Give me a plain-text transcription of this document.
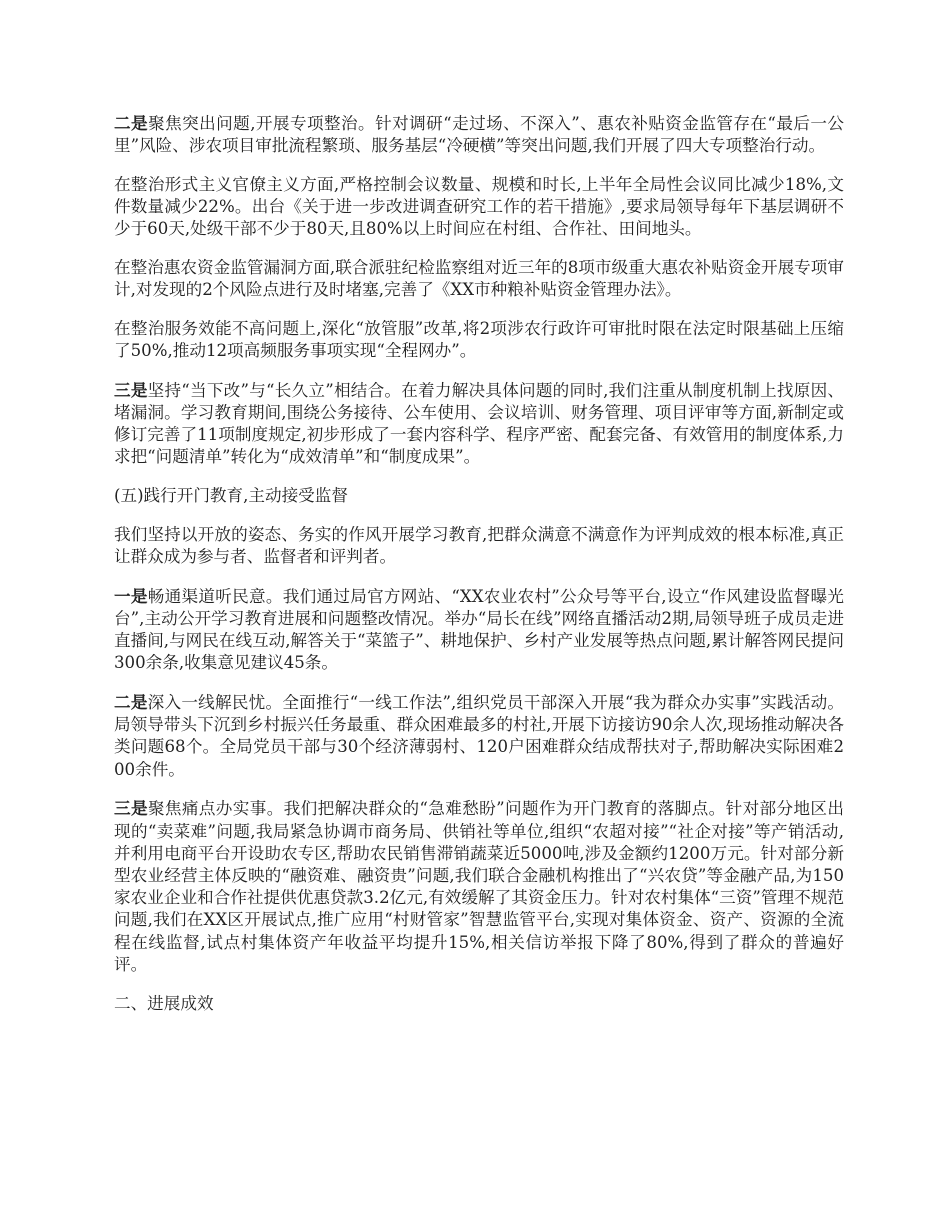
二是聚焦突出问题,开展专项整治。针对调研“走过场、不深入”、惠农补贴资金监管存在“最后一公里”风险、涉农项目审批流程繁琐、服务基层“冷硬横”等突出问题,我们开展了四大专项整治行动。

在整治形式主义官僚主义方面,严格控制会议数量、规模和时长,上半年全局性会议同比减少18%,文件数量减少22%。出台《关于进一步改进调查研究工作的若干措施》,要求局领导每年下基层调研不少于60天,处级干部不少于80天,且80%以上时间应在村组、合作社、田间地头。

在整治惠农资金监管漏洞方面,联合派驻纪检监察组对近三年的8项市级重大惠农补贴资金开展专项审计,对发现的2个风险点进行及时堵塞,完善了《XX市种粮补贴资金管理办法》。

在整治服务效能不高问题上,深化“放管服”改革,将2项涉农行政许可审批时限在法定时限基础上压缩了50%,推动12项高频服务事项实现“全程网办”。

三是坚持“当下改”与“长久立”相结合。在着力解决具体问题的同时,我们注重从制度机制上找原因、堵漏洞。学习教育期间,围绕公务接待、公车使用、会议培训、财务管理、项目评审等方面,新制定或修订完善了11项制度规定,初步形成了一套内容科学、程序严密、配套完备、有效管用的制度体系,力求把“问题清单”转化为“成效清单”和“制度成果”。

(五)践行开门教育,主动接受监督

我们坚持以开放的姿态、务实的作风开展学习教育,把群众满意不满意作为评判成效的根本标准,真正让群众成为参与者、监督者和评判者。

一是畅通渠道听民意。我们通过局官方网站、“XX农业农村”公众号等平台,设立“作风建设监督曝光台”,主动公开学习教育进展和问题整改情况。举办“局长在线”网络直播活动2期,局领导班子成员走进直播间,与网民在线互动,解答关于“菜篮子”、耕地保护、乡村产业发展等热点问题,累计解答网民提问300余条,收集意见建议45条。

二是深入一线解民忧。全面推行“一线工作法”,组织党员干部深入开展“我为群众办实事”实践活动。局领导带头下沉到乡村振兴任务最重、群众困难最多的村社,开展下访接访90余人次,现场推动解决各类问题68个。全局党员干部与30个经济薄弱村、120户困难群众结成帮扶对子,帮助解决实际困难200余件。

三是聚焦痛点办实事。我们把解决群众的“急难愁盼”问题作为开门教育的落脚点。针对部分地区出现的“卖菜难”问题,我局紧急协调市商务局、供销社等单位,组织“农超对接”“社企对接”等产销活动,并利用电商平台开设助农专区,帮助农民销售滞销蔬菜近5000吨,涉及金额约1200万元。针对部分新型农业经营主体反映的“融资难、融资贵”问题,我们联合金融机构推出了“兴农贷”等金融产品,为150家农业企业和合作社提供优惠贷款3.2亿元,有效缓解了其资金压力。针对农村集体“三资”管理不规范问题,我们在XX区开展试点,推广应用“村财管家”智慧监管平台,实现对集体资金、资产、资源的全流程在线监督,试点村集体资产年收益平均提升15%,相关信访举报下降了80%,得到了群众的普遍好评。

二、进展成效
